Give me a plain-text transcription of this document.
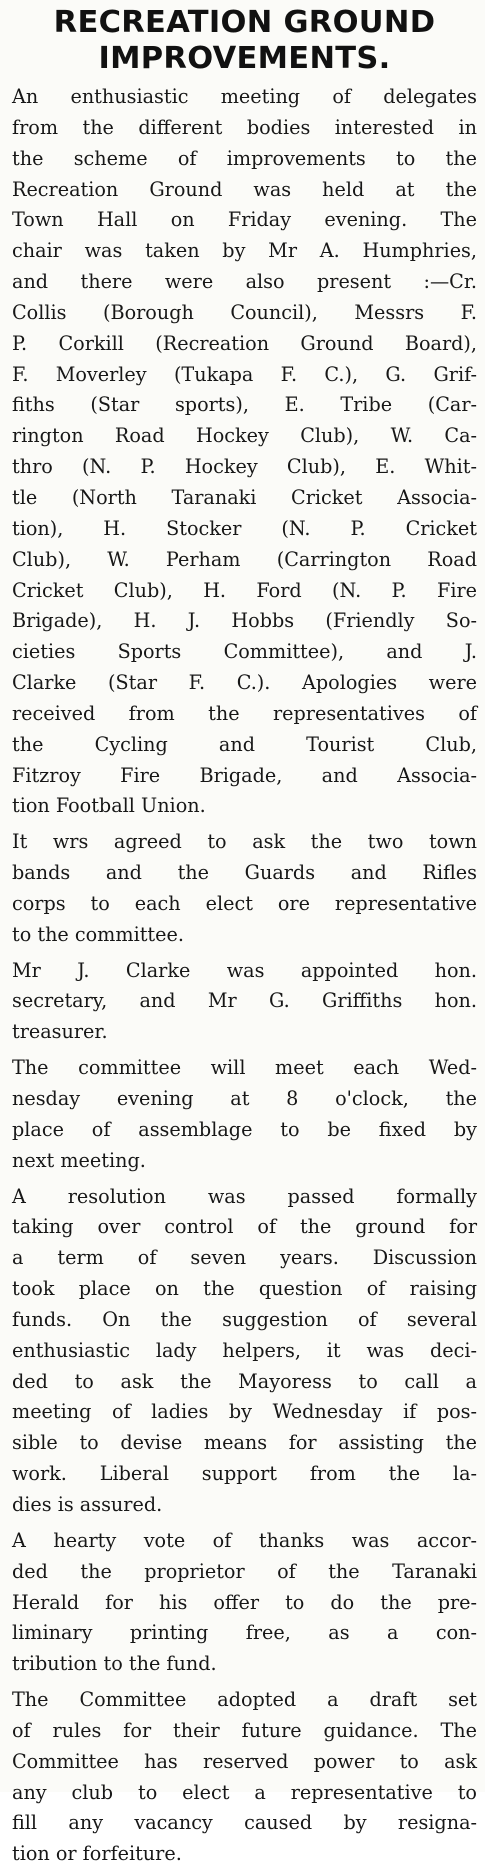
RECREATION GROUND
IMPROVEMENTS.

An enthusiastic meeting of delegates
from the different bodies interested in
the scheme of improvements to the
Recreation Ground was held at the
Town Hall on Friday evening. The
chair was taken by Mr A. Humphries,
and there were also present :—Cr.
Collis (Borough Council), Messrs F.
P. Corkill (Recreation Ground Board),
F. Moverley (Tukapa F. C.), G. Grif-
fiths (Star sports), E. Tribe (Car-
rington Road Hockey Club), W. Ca-
thro (N. P. Hockey Club), E. Whit-
tle (North Taranaki Cricket Associa-
tion), H. Stocker (N. P. Cricket
Club), W. Perham (Carrington Road
Cricket Club), H. Ford (N. P. Fire
Brigade), H. J. Hobbs (Friendly So-
cieties Sports Committee), and J.
Clarke (Star F. C.). Apologies were
received from the representatives of
the Cycling and Tourist Club,
Fitzroy Fire Brigade, and Associa-
tion Football Union.

It wrs agreed to ask the two town
bands and the Guards and Rifles
corps to each elect ore representative
to the committee.

Mr J. Clarke was appointed hon.
secretary, and Mr G. Griffiths hon.
treasurer.

The committee will meet each Wed-
nesday evening at 8 o'clock, the
place of assemblage to be fixed by
next meeting.

A resolution was passed formally
taking over control of the ground for
a term of seven years. Discussion
took place on the question of raising
funds. On the suggestion of several
enthusiastic lady helpers, it was deci-
ded to ask the Mayoress to call a
meeting of ladies by Wednesday if pos-
sible to devise means for assisting the
work. Liberal support from the la-
dies is assured.

A hearty vote of thanks was accor-
ded the proprietor of the Taranaki
Herald for his offer to do the pre-
liminary printing free, as a con-
tribution to the fund.

The Committee adopted a draft set
of rules for their future guidance. The
Committee has reserved power to ask
any club to elect a representative to
fill any vacancy caused by resigna-
tion or forfeiture.
